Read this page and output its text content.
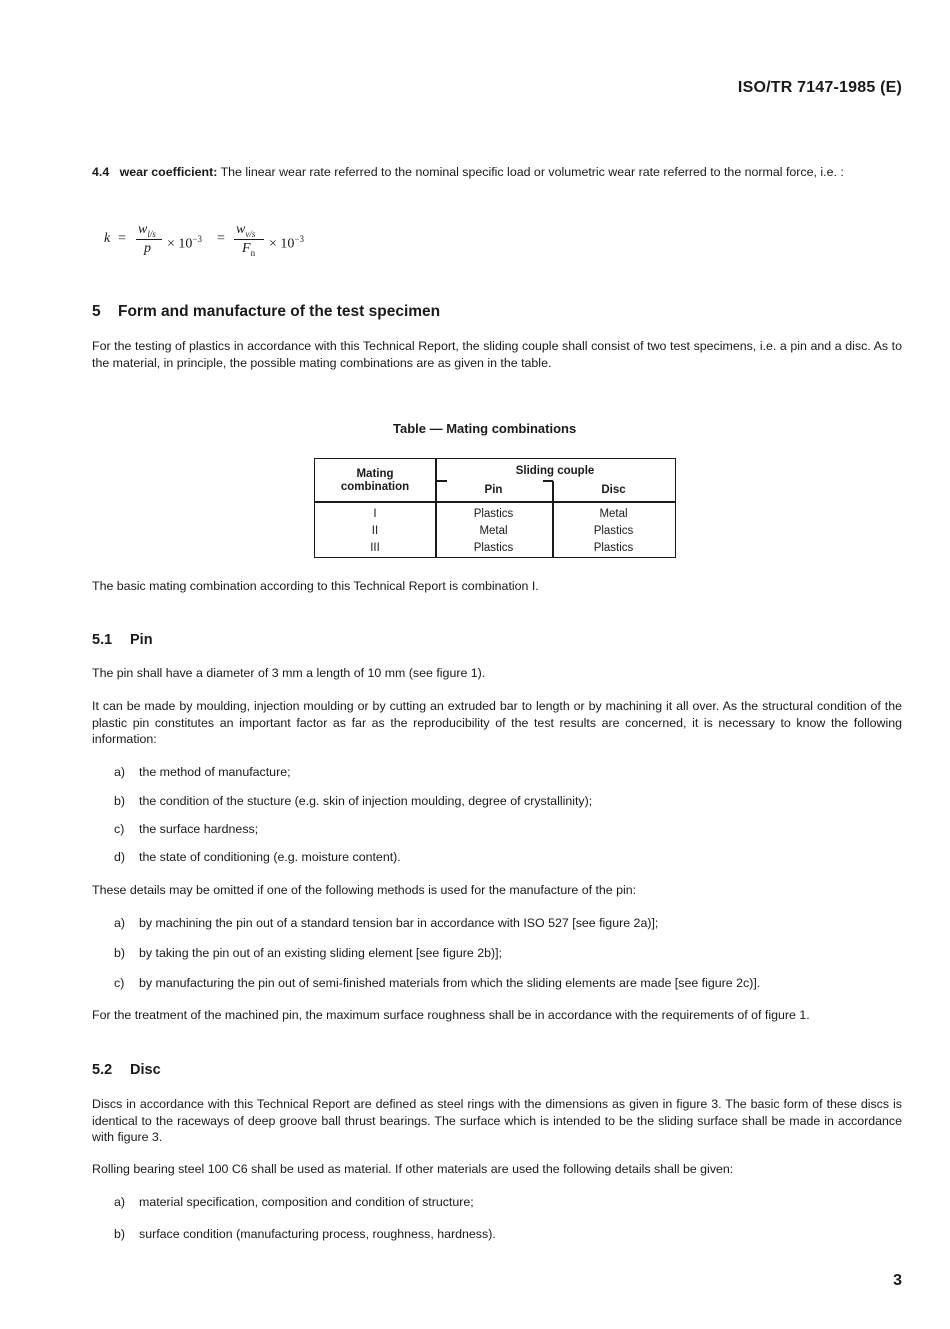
ISO/TR 7147-1985 (E)

4.4 wear coefficient: The linear wear rate referred to the nominal specific load or volumetric wear rate referred to the normal force, i.e. :

k =
$w_{l/s}$
$p \times 10^{-3}$ =
$w_{v/s}$
$F_n$
× $10^{-3}$
5 Form and manufacture of the test specimen

For the testing of plastics in accordance with this Technical Report, the sliding couple shall consist of two test specimens, i.e. a pin and a disc. As to the material, in principle, the possible mating combinations are as given in the table.

Table — Mating combinations
Mating
combination
Sliding couple
Pin	Disc
I	Plastics	Metal
II	Metal	Plastics
III	Plastics	Plastics

The basic mating combination according to this Technical Report is combination I.

5.1 Pin

The pin shall have a diameter of 3 mm a length of 10 mm (see figure 1).

It can be made by moulding, injection moulding or by cutting an extruded bar to length or by machining it all over. As the structural condition of the plastic pin constitutes an important factor as far as the reproducibility of the test results are concerned, it is necessary to know the following information:

a) the method of manufacture;
b) the condition of the stucture (e.g. skin of injection moulding, degree of crystallinity);
c) the surface hardness;
d) the state of conditioning (e.g. moisture content).

These details may be omitted if one of the following methods is used for the manufacture of the pin:

a) by machining the pin out of a standard tension bar in accordance with ISO 527 [see figure 2a)];
b) by taking the pin out of an existing sliding element [see figure 2b)];
c) by manufacturing the pin out of semi-finished materials from which the sliding elements are made [see figure 2c)].

For the treatment of the machined pin, the maximum surface roughness shall be in accordance with the requirements of of figure 1.

5.2 Disc

Discs in accordance with this Technical Report are defined as steel rings with the dimensions as given in figure 3. The basic form of these discs is identical to the raceways of deep groove ball thrust bearings. The surface which is intended to be the sliding surface shall be made in accordance with figure 3.

Rolling bearing steel 100 C6 shall be used as material. If other materials are used the following details shall be given:

a) material specification, composition and condition of structure;
b) surface condition (manufacturing process, roughness, hardness).
3
